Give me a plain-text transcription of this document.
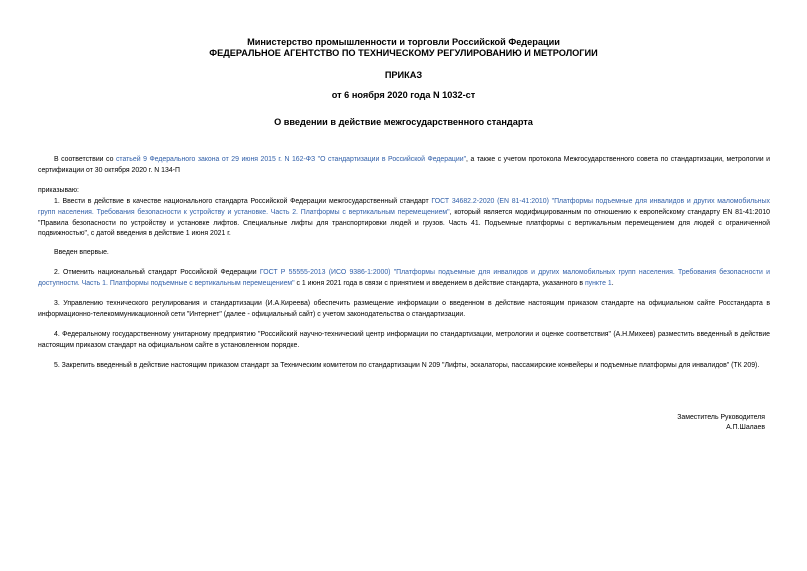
Министерство промышленности и торговли Российской Федерации
ФЕДЕРАЛЬНОЕ АГЕНТСТВО ПО ТЕХНИЧЕСКОМУ РЕГУЛИРОВАНИЮ И МЕТРОЛОГИИ
ПРИКАЗ
от 6 ноября 2020 года N 1032-ст
О введении в действие межгосударственного стандарта
В соответствии со статьей 9 Федерального закона от 29 июня 2015 г. N 162-ФЗ "О стандартизации в Российской Федерации", а также с учетом протокола Межгосударственного совета по стандартизации, метрологии и сертификации от 30 октября 2020 г. N 134-П
приказываю:
1. Ввести в действие в качестве национального стандарта Российской Федерации межгосударственный стандарт ГОСТ 34682.2-2020 (EN 81-41:2010) "Платформы подъемные для инвалидов и других маломобильных групп населения. Требования безопасности к устройству и установке. Часть 2. Платформы с вертикальным перемещением", который является модифицированным по отношению к европейскому стандарту EN 81-41:2010 "Правила безопасности по устройству и установке лифтов. Специальные лифты для транспортировки людей и грузов. Часть 41. Подъемные платформы с вертикальным перемещением для людей с ограниченной подвижностью", с датой введения в действие 1 июня 2021 г.
Введен впервые.
2. Отменить национальный стандарт Российской Федерации ГОСТ Р 55555-2013 (ИСО 9386-1:2000) "Платформы подъемные для инвалидов и других маломобильных групп населения. Требования безопасности и доступности. Часть 1. Платформы подъемные с вертикальным перемещением" с 1 июня 2021 года в связи с принятием и введением в действие стандарта, указанного в пункте 1.
3. Управлению технического регулирования и стандартизации (И.А.Киреева) обеспечить размещение информации о введенном в действие настоящим приказом стандарте на официальном сайте Росстандарта в информационно-телекоммуникационной сети "Интернет" (далее - официальный сайт) с учетом законодательства о стандартизации.
4. Федеральному государственному унитарному предприятию "Российский научно-технический центр информации по стандартизации, метрологии и оценке соответствия" (А.Н.Михеев) разместить введенный в действие настоящим приказом стандарт на официальном сайте в установленном порядке.
5. Закрепить введенный в действие настоящим приказом стандарт за Техническим комитетом по стандартизации N 209 "Лифты, эскалаторы, пассажирские конвейеры и подъемные платформы для инвалидов" (ТК 209).
Заместитель Руководителя
А.П.Шалаев
